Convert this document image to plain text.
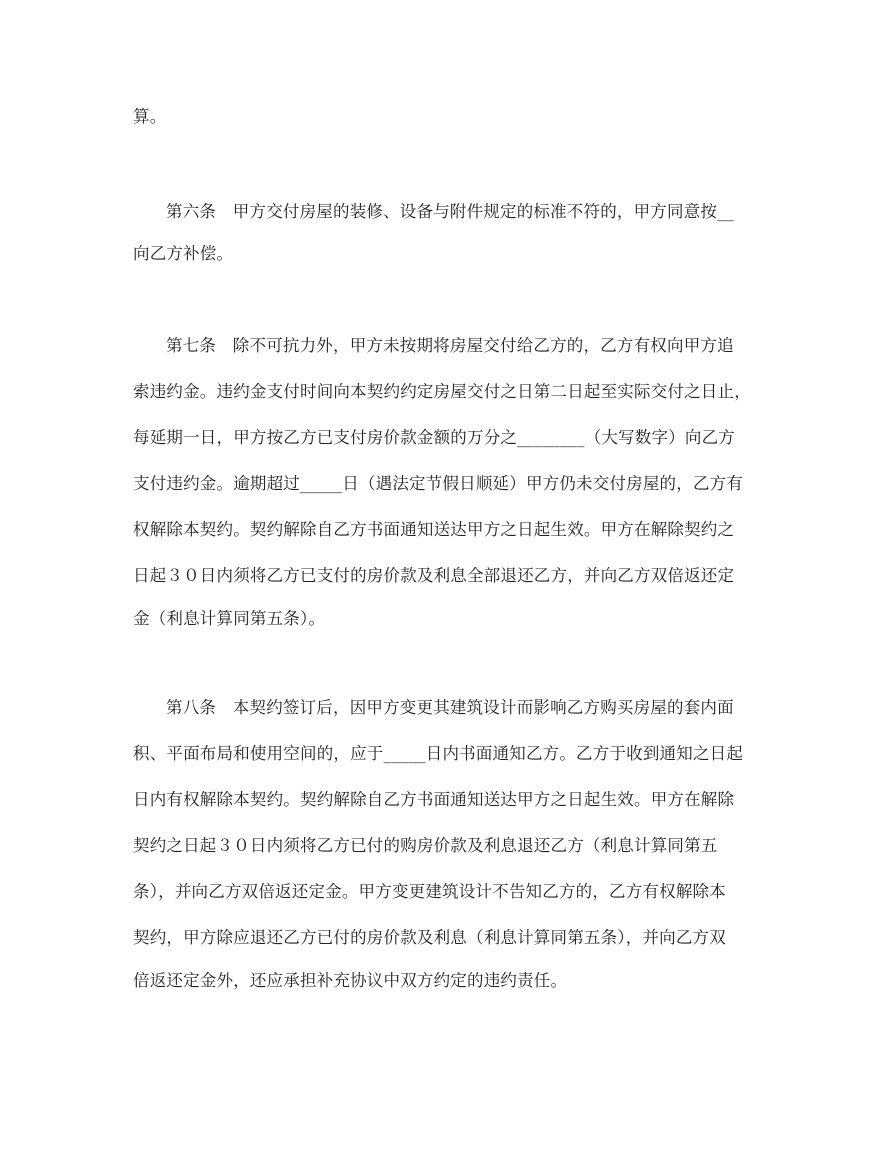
算。
第六条　甲方交付房屋的装修、设备与附件规定的标准不符的，甲方同意按__
向乙方补偿。
第七条　除不可抗力外，甲方未按期将房屋交付给乙方的，乙方有权向甲方追
索违约金。违约金支付时间向本契约约定房屋交付之日第二日起至实际交付之日止，
每延期一日，甲方按乙方已支付房价款金额的万分之________（大写数字）向乙方
支付违约金。逾期超过_____日（遇法定节假日顺延）甲方仍未交付房屋的，乙方有
权解除本契约。契约解除自乙方书面通知送达甲方之日起生效。甲方在解除契约之
日起３０日内须将乙方已支付的房价款及利息全部退还乙方，并向乙方双倍返还定
金（利息计算同第五条）。
第八条　本契约签订后，因甲方变更其建筑设计而影响乙方购买房屋的套内面
积、平面布局和使用空间的，应于_____日内书面通知乙方。乙方于收到通知之日起
日内有权解除本契约。契约解除自乙方书面通知送达甲方之日起生效。甲方在解除
契约之日起３０日内须将乙方已付的购房价款及利息退还乙方（利息计算同第五
条），并向乙方双倍返还定金。甲方变更建筑设计不告知乙方的，乙方有权解除本
契约，甲方除应退还乙方已付的房价款及利息（利息计算同第五条），并向乙方双
倍返还定金外，还应承担补充协议中双方约定的违约责任。
